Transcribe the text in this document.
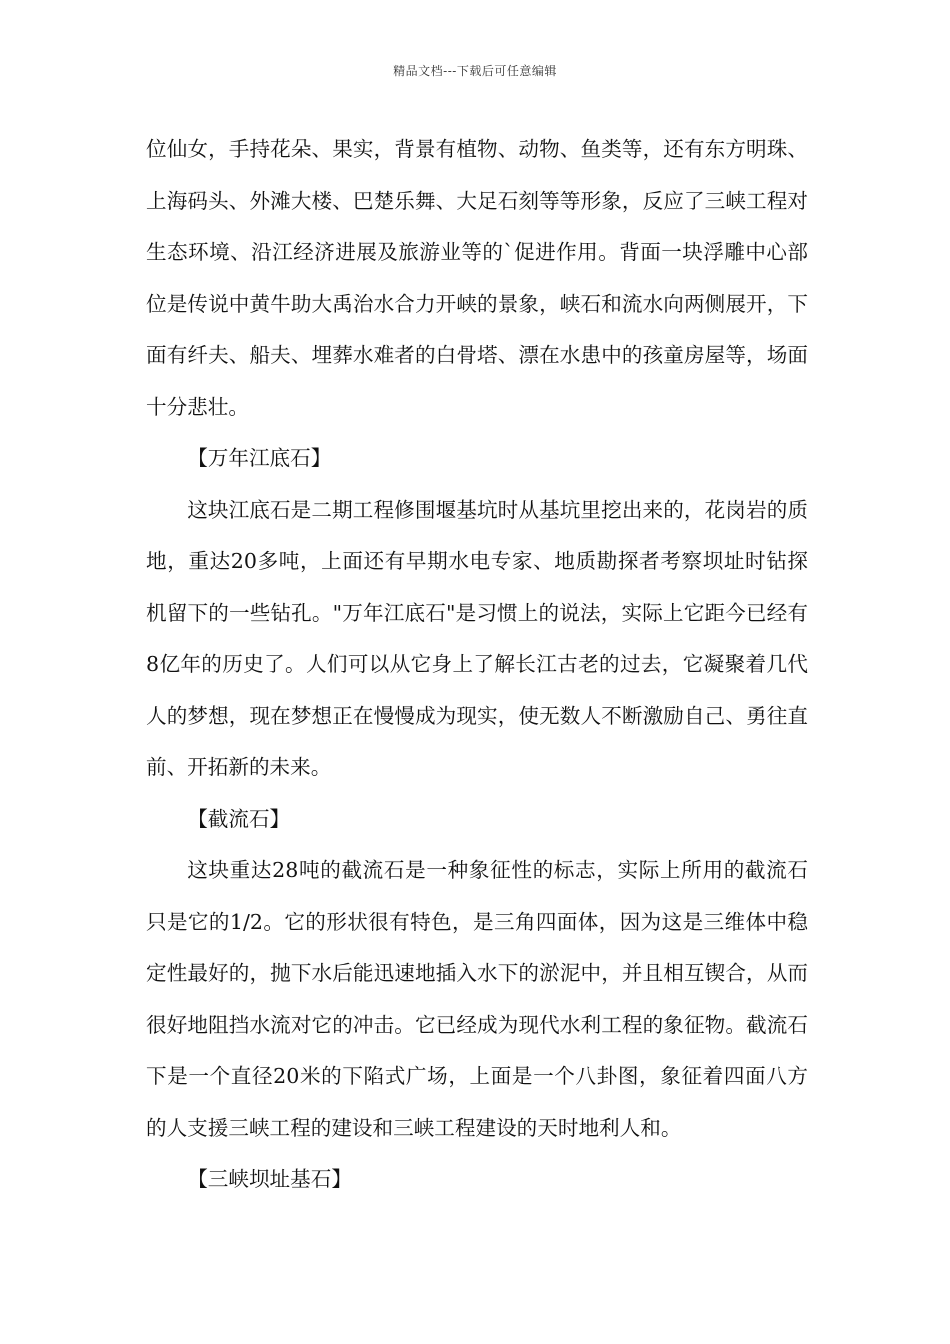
精品文档---下载后可任意编辑

位仙女，手持花朵、果实，背景有植物、动物、鱼类等，还有东方明珠、上海码头、外滩大楼、巴楚乐舞、大足石刻等等形象，反应了三峡工程对生态环境、沿江经济进展及旅游业等的`促进作用。背面一块浮雕中心部位是传说中黄牛助大禹治水合力开峡的景象，峡石和流水向两侧展开，下面有纤夫、船夫、埋葬水难者的白骨塔、漂在水患中的孩童房屋等，场面十分悲壮。

【万年江底石】

这块江底石是二期工程修围堰基坑时从基坑里挖出来的，花岗岩的质地，重达20多吨，上面还有早期水电专家、地质勘探者考察坝址时钻探机留下的一些钻孔。"万年江底石"是习惯上的说法，实际上它距今已经有8亿年的历史了。人们可以从它身上了解长江古老的过去，它凝聚着几代人的梦想，现在梦想正在慢慢成为现实，使无数人不断激励自己、勇往直前、开拓新的未来。

【截流石】

这块重达28吨的截流石是一种象征性的标志，实际上所用的截流石只是它的1/2。它的形状很有特色，是三角四面体，因为这是三维体中稳定性最好的，抛下水后能迅速地插入水下的淤泥中，并且相互锲合，从而很好地阻挡水流对它的冲击。它已经成为现代水利工程的象征物。截流石下是一个直径20米的下陷式广场，上面是一个八卦图，象征着四面八方的人支援三峡工程的建设和三峡工程建设的天时地利人和。

【三峡坝址基石】
